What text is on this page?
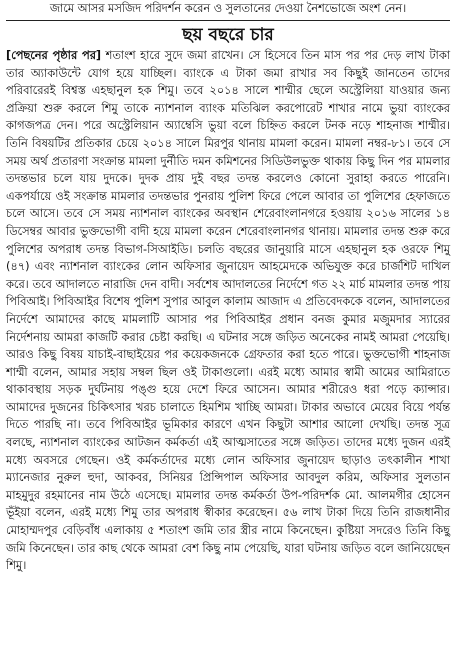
জামে আসর মসজিদ পরিদর্শন করেন ও সুলতানের দেওয়া নৈশভোজে অংশ নেন।
ছয় বছরে চার

[পেছনের পৃষ্ঠার পর] শতাংশ হারে সুদে জমা রাখেন। সে হিসেবে তিন মাস পর পর দেড় লাখ টাকা তার অ্যাকাউন্টে যোগ হয়ে যাচ্ছিল। ব্যাংকে এ টাকা জমা রাখার সব কিছুই জানতেন তাদের পরিবারেরই বিশ্বস্ত এহছানুল হক শিমু। তবে ২০১৪ সালে শাম্মীর ছেলে অস্ট্রেলিয়া যাওয়ার জন্য প্রক্রিয়া শুরু করলে শিমু তাকে ন্যাশনাল ব্যাংক মতিঝিল করপোরেট শাখার নামে ভুয়া ব্যাংকের কাগজপত্র দেন। পরে অস্ট্রেলিয়ান অ্যাম্বেসি ভুয়া বলে চিহ্নিত করলে টনক নড়ে শাহনাজ শাম্মীর। তিনি বিষয়টির প্রতিকার চেয়ে ২০১৪ সালে মিরপুর থানায় মামলা করেন। মামলা নম্বর-৮১। তবে সে সময় অর্থ প্রতারণা সংক্রান্ত মামলা দুর্নীতি দমন কমিশনের সিডিউলভুক্ত থাকায় কিছু দিন পর মামলার তদন্তভার চলে যায় দুদকে। দুদক প্রায় দুই বছর তদন্ত করলেও কোনো সুরাহা করতে পারেনি। একপর্যায়ে ওই সংক্রান্ত মামলার তদন্তভার পুনরায় পুলিশ ফিরে পেলে আবার তা পুলিশের হেফাজতে চলে আসে। তবে সে সময় ন্যাশনাল ব্যাংকের অবস্থান শেরেবাংলানগরে হওয়ায় ২০১৬ সালের ১৪ ডিসেম্বর আবার ভুক্তভোগী বাদী হয়ে মামলা করেন শেরেবাংলানগর থানায়। মামলার তদন্ত শুরু করে পুলিশের অপরাধ তদন্ত বিভাগ-সিআইডি। চলতি বছরের জানুয়ারি মাসে এহছানুল হক ওরফে শিমু (৪৭) এবং ন্যাশনাল ব্যাংকের লোন অফিসার জুনায়েদ আহমেদকে অভিযুক্ত করে চার্জশিট দাখিল করে। তবে আদালতে নারাজি দেন বাদী। সর্বশেষ আদালতের নির্দেশে গত ২২ মার্চ মামলার তদন্ত পায় পিবিআই। পিবিআইর বিশেষ পুলিশ সুপার আবুল কালাম আজাদ এ প্রতিবেদককে বলেন, আদালতের নির্দেশে আমাদের কাছে মামলাটি আসার পর পিবিআইর প্রধান বনজ কুমার মজুমদার স্যারের নির্দেশনায় আমরা কাজটি করার চেষ্টা করছি। এ ঘটনার সঙ্গে জড়িত অনেকের নামই আমরা পেয়েছি। আরও কিছু বিষয় যাচাই-বাছাইয়ের পর কয়েকজনকে গ্রেফতার করা হতে পারে। ভুক্তভোগী শাহনাজ শাম্মী বলেন, আমার সহায় সম্বল ছিল ওই টাকাগুলো। এরই মধ্যে আমার স্বামী আমের আমিরাতে থাকাবস্থায় সড়ক দুর্ঘটনায় পঙ্গু হয়ে দেশে ফিরে আসেন। আমার শরীরেও ধরা পড়ে ক্যান্সার। আমাদের দুজনের চিকিৎসার খরচ চালাতে হিমশিম খাচ্ছি আমরা। টাকার অভাবে মেয়ের বিয়ে পর্যন্ত দিতে পারছি না। তবে পিবিআইর ভূমিকার কারণে এখন কিছুটা আশার আলো দেখছি। তদন্ত সূত্র বলছে, ন্যাশনাল ব্যাংকের আটজন কর্মকর্তা এই আত্মসাতের সঙ্গে জড়িত। তাদের মধ্যে দুজন এরই মধ্যে অবসরে গেছেন। ওই কর্মকর্তাদের মধ্যে লোন অফিসার জুনায়েদ ছাড়াও তৎকালীন শাখা ম্যানেজার নুরুল হুদা, আকবর, সিনিয়র প্রিন্সিপাল অফিসার আবদুল করিম, অফিসার সুলতান মাহমুদুর রহমানের নাম উঠে এসেছে। মামলার তদন্ত কর্মকর্তা উপ-পরিদর্শক মো. আলমগীর হোসেন ভূঁইয়া বলেন, এরই মধ্যে শিমু তার অপরাধ স্বীকার করেছেন। ৫৬ লাখ টাকা দিয়ে তিনি রাজধানীর মোহাম্মদপুর বেড়িবাঁধ এলাকায় ৫ শতাংশ জমি তার স্ত্রীর নামে কিনেছেন। কুষ্টিয়া সদরেও তিনি কিছু জমি কিনেছেন। তার কাছ থেকে আমরা বেশ কিছু নাম পেয়েছি, যারা ঘটনায় জড়িত বলে জানিয়েছেন শিমু।
